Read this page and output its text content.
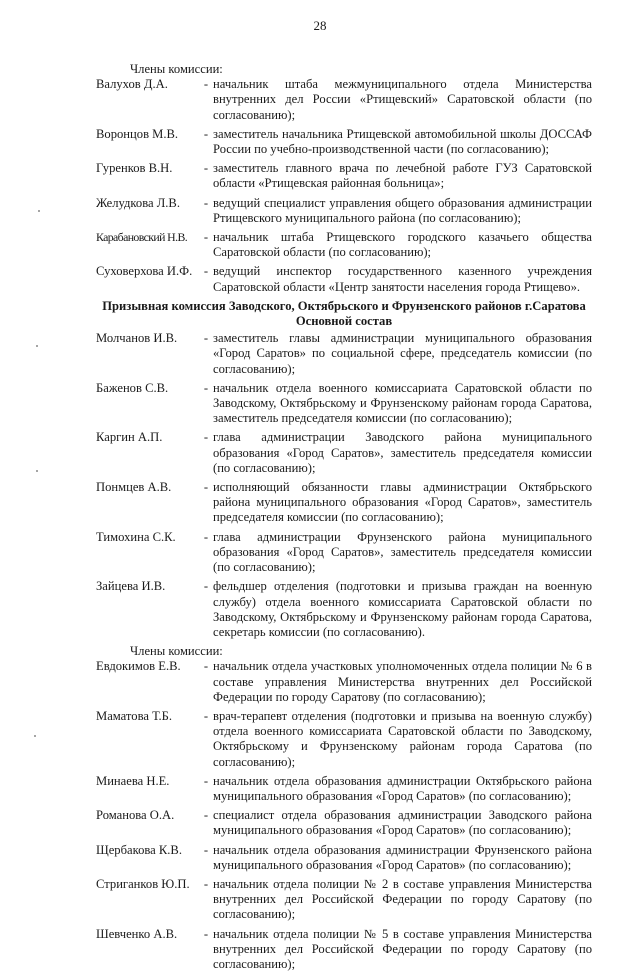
28
Члены комиссии:
Валухов Д.А.	- начальник штаба межмуниципального отдела Министерства внутренних дел России «Ртищевский» Саратовской области (по согласованию);
Воронцов М.В.	- заместитель начальника Ртищевской автомобильной школы ДОССАФ России по учебно-производственной части (по согласованию);
Гуренков В.Н.	- заместитель главного врача по лечебной работе ГУЗ Саратовской области «Ртищевская районная больница»;
Желудкова Л.В.	- ведущий специалист управления общего образования администрации Ртищевского муниципального района (по согласованию);
Карабановский Н.В.	- начальник штаба Ртищевского городского казачьего общества Саратовской области (по согласованию);
Суховерхова И.Ф. - ведущий инспектор государственного казенного учреждения Саратовской области «Центр занятости населения города Ртищево».
Призывная комиссия Заводского, Октябрьского и Фрунзенского районов г.Саратова
Основной состав
Молчанов И.В.	- заместитель главы администрации муниципального образования «Город Саратов» по социальной сфере, председатель комиссии (по согласованию);
Баженов С.В.	- начальник отдела военного комиссариата Саратовской области по Заводскому, Октябрьскому и Фрунзенскому районам города Саратова, заместитель председателя комиссии (по согласованию);
Каргин А.П.	- глава администрации Заводского района муниципального образования «Город Саратов», заместитель председателя комиссии (по согласованию);
Понмцев А.В.	- исполняющий обязанности главы администрации Октябрьского района муниципального образования «Город Саратов», заместитель председателя комиссии (по согласованию);
Тимохина С.К.	- глава администрации Фрунзенского района муниципального образования «Город Саратов», заместитель председателя комиссии (по согласованию);
Зайцева И.В.	- фельдшер отделения (подготовки и призыва граждан на военную службу) отдела военного комиссариата Саратовской области по Заводскому, Октябрьскому и Фрунзенскому районам города Саратова, секретарь комиссии (по согласованию).
Члены комиссии:
Евдокимов Е.В.	- начальник отдела участковых уполномоченных отдела полиции № 6 в составе управления Министерства внутренних дел Российской Федерации по городу Саратову (по согласованию);
Маматова Т.Б.	- врач-терапевт отделения (подготовки и призыва на военную службу) отдела военного комиссариата Саратовской области по Заводскому, Октябрьскому и Фрунзенскому районам города Саратова (по согласованию);
Минаева Н.Е.	- начальник отдела образования администрации Октябрьского района муниципального образования «Город Саратов» (по согласованию);
Романова О.А.	- специалист отдела образования администрации Заводского района муниципального образования «Город Саратов» (по согласованию);
Щербакова К.В.	- начальник отдела образования администрации Фрунзенского района муниципального образования «Город Саратов» (по согласованию);
Стриганков Ю.П.	- начальник отдела полиции № 2 в составе управления Министерства внутренних дел Российской Федерации по городу Саратову (по согласованию);
Шевченко А.В.	- начальник отдела полиции № 5 в составе управления Министерства внутренних дел Российской Федерации по городу Саратову (по согласованию);
